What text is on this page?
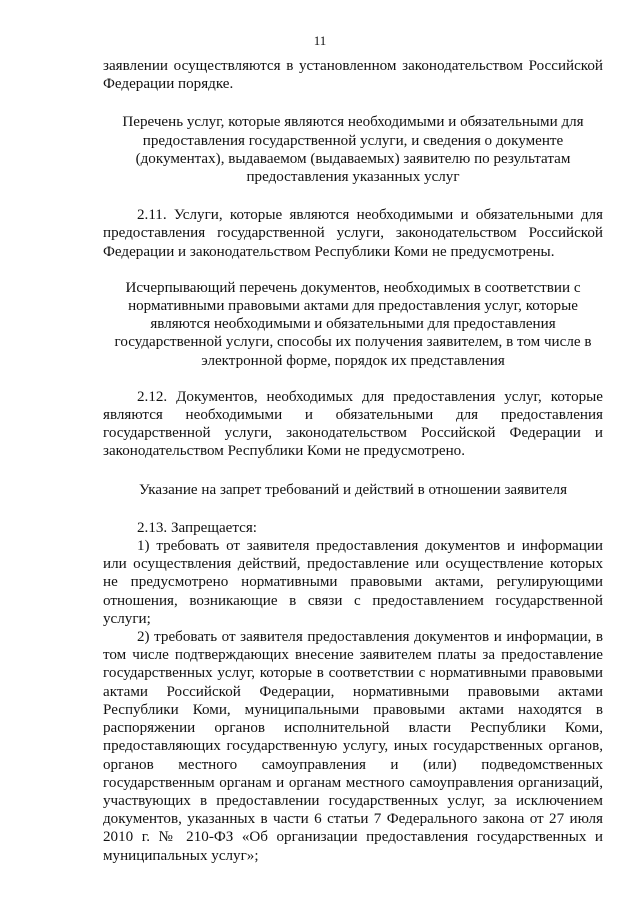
11

заявлении осуществляются в установленном законодательством Российской Федерации порядке.

Перечень услуг, которые являются необходимыми и обязательными для предоставления государственной услуги, и сведения о документе (документах), выдаваемом (выдаваемых) заявителю по результатам предоставления указанных услуг

2.11. Услуги, которые являются необходимыми и обязательными для предоставления государственной услуги, законодательством Российской Федерации и законодательством Республики Коми не предусмотрены.

Исчерпывающий перечень документов, необходимых в соответствии с нормативными правовыми актами для предоставления услуг, которые являются необходимыми и обязательными для предоставления государственной услуги, способы их получения заявителем, в том числе в электронной форме, порядок их представления

2.12. Документов, необходимых для предоставления услуг, которые являются необходимыми и обязательными для предоставления государственной услуги, законодательством Российской Федерации и законодательством Республики Коми не предусмотрено.

Указание на запрет требований и действий в отношении заявителя

2.13. Запрещается:

1) требовать от заявителя предоставления документов и информации или осуществления действий, предоставление или осуществление которых не предусмотрено нормативными правовыми актами, регулирующими отношения, возникающие в связи с предоставлением государственной услуги;

2) требовать от заявителя предоставления документов и информации, в том числе подтверждающих внесение заявителем платы за предоставление государственных услуг, которые в соответствии с нормативными правовыми актами Российской Федерации, нормативными правовыми актами Республики Коми, муниципальными правовыми актами находятся в распоряжении органов исполнительной власти Республики Коми, предоставляющих государственную услугу, иных государственных органов, органов местного самоуправления и (или) подведомственных государственным органам и органам местного самоуправления организаций, участвующих в предоставлении государственных услуг, за исключением документов, указанных в части 6 статьи 7 Федерального закона от 27 июля 2010 г. № 210-ФЗ «Об организации предоставления государственных и муниципальных услуг»;
